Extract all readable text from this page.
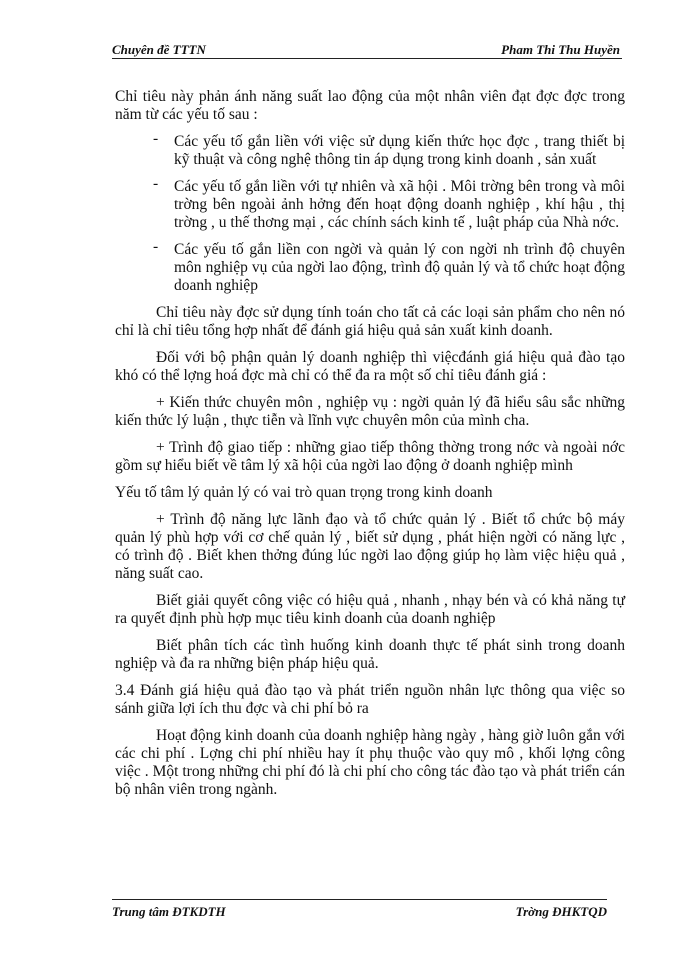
Chuyên đề TTTN	Pham Thi Thu Huyền

Chỉ tiêu này phản ánh năng suất lao động của một nhân viên đạt đợc đợc trong năm từ các yếu tố sau :

- Các yếu tố gắn liền với việc sử dụng kiến thức học đợc , trang thiết bị kỹ thuật và công nghệ thông tin áp dụng trong kinh doanh , sản xuất
- Các yếu tố gắn liền với tự nhiên và xã hội . Môi trờng bên trong và môi trờng bên ngoài ảnh hởng đến hoạt động doanh nghiệp , khí hậu , thị trờng , u thế thơng mại , các chính sách kinh tế , luật pháp của Nhà nớc.
- Các yếu tố gắn liền con ngời và quản lý con ngời nh trình độ chuyên môn nghiệp vụ của ngời lao động, trình độ quản lý và tổ chức hoạt động doanh nghiệp

Chỉ tiêu này đợc sử dụng tính toán cho tất cả các loại sản phẩm cho nên nó chỉ là chỉ tiêu tổng hợp nhất để đánh giá hiệu quả sản xuất kinh doanh.

Đối với bộ phận quản lý doanh nghiệp thì việcđánh giá hiệu quả đào tạo khó có thể lợng hoá đợc mà chỉ có thể đa ra một số chỉ tiêu đánh giá :

+ Kiến thức chuyên môn , nghiệp vụ : ngời quản lý đã hiểu sâu sắc những kiến thức lý luận , thực tiễn và lĩnh vực chuyên môn của mình cha.

+ Trình độ giao tiếp : những giao tiếp thông thờng trong nớc và ngoài nớc gồm sự hiểu biết về tâm lý xã hội của ngời lao động ở doanh nghiệp mình

Yếu tố tâm lý quản lý có vai trò quan trọng trong kinh doanh

+ Trình độ năng lực lãnh đạo và tổ chức quản lý . Biết tổ chức bộ máy quản lý phù hợp với cơ chế quản lý , biết sử dụng , phát hiện ngời có năng lực , có trình độ . Biết khen thởng đúng lúc ngời lao động giúp họ làm việc hiệu quả , năng suất cao.

Biết giải quyết công việc có hiệu quả , nhanh , nhạy bén và có khả năng tự ra quyết định phù hợp mục tiêu kinh doanh của doanh nghiệp

Biết phân tích các tình huống kinh doanh thực tế phát sinh trong doanh nghiệp và đa ra những biện pháp hiệu quả.

3.4 Đánh giá hiệu quả đào tạo và phát triển nguồn nhân lực thông qua việc so sánh giữa lợi ích thu đợc và chi phí bỏ ra

Hoạt động kinh doanh của doanh nghiệp hàng ngày , hàng giờ luôn gắn với các chi phí . Lợng chi phí nhiều hay ít phụ thuộc vào quy mô , khối lợng công việc . Một trong những chi phí đó là chi phí cho công tác đào tạo và phát triển cán bộ nhân viên trong ngành.

Trung tâm ĐTKDTH	Trờng ĐHKTQD
